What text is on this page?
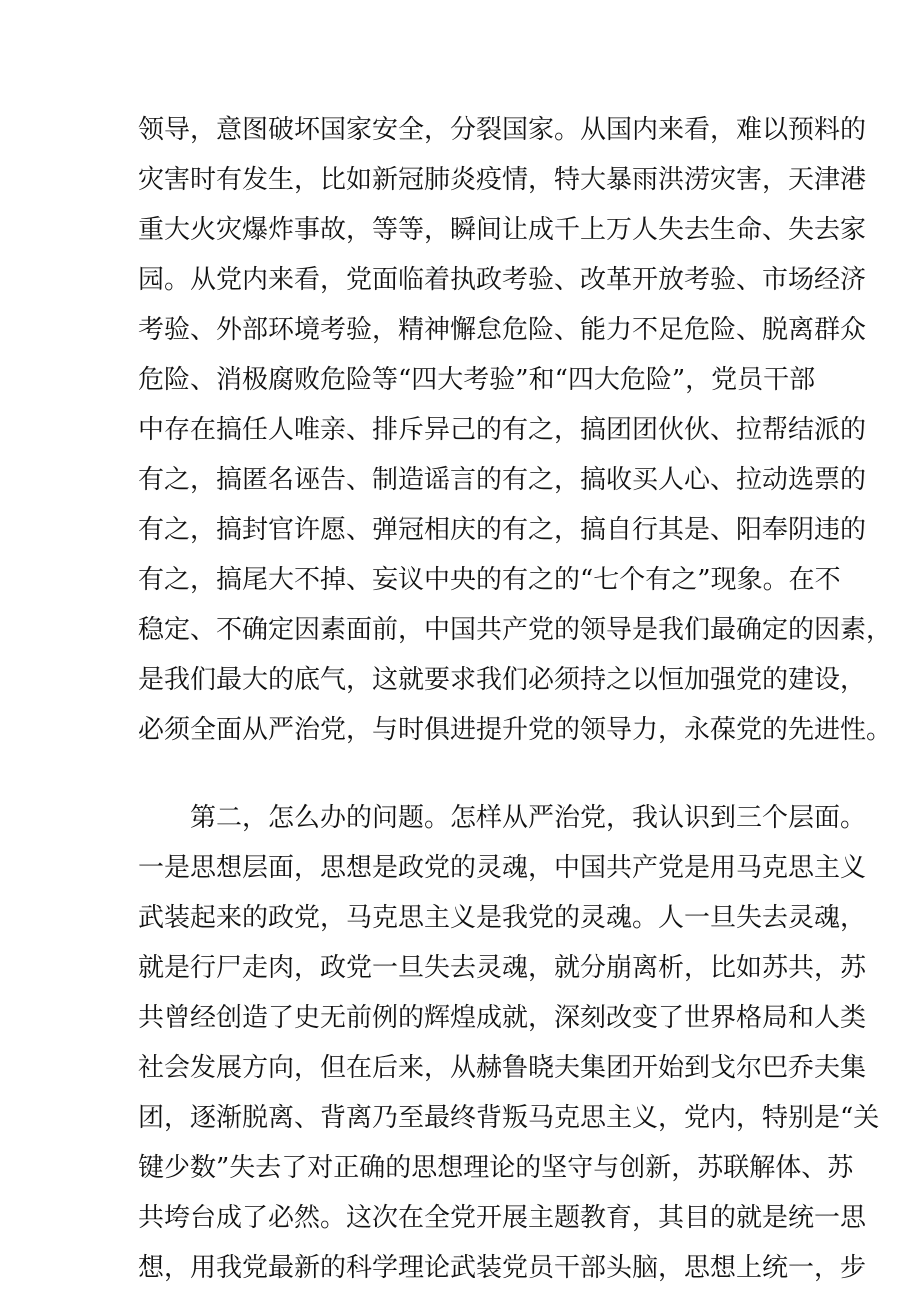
领导，意图破坏国家安全，分裂国家。从国内来看，难以预料的
灾害时有发生，比如新冠肺炎疫情，特大暴雨洪涝灾害，天津港
重大火灾爆炸事故，等等，瞬间让成千上万人失去生命、失去家
园。从党内来看，党面临着执政考验、改革开放考验、市场经济
考验、外部环境考验，精神懈怠危险、能力不足危险、脱离群众
危险、消极腐败危险等“四大考验”和“四大危险”，党员干部
中存在搞任人唯亲、排斥异己的有之，搞团团伙伙、拉帮结派的
有之，搞匿名诬告、制造谣言的有之，搞收买人心、拉动选票的
有之，搞封官许愿、弹冠相庆的有之，搞自行其是、阳奉阴违的
有之，搞尾大不掉、妄议中央的有之的“七个有之”现象。在不
稳定、不确定因素面前，中国共产党的领导是我们最确定的因素，
是我们最大的底气，这就要求我们必须持之以恒加强党的建设，
必须全面从严治党，与时俱进提升党的领导力，永葆党的先进性。
第二，怎么办的问题。怎样从严治党，我认识到三个层面。
一是思想层面，思想是政党的灵魂，中国共产党是用马克思主义
武装起来的政党，马克思主义是我党的灵魂。人一旦失去灵魂，
就是行尸走肉，政党一旦失去灵魂，就分崩离析，比如苏共，苏
共曾经创造了史无前例的辉煌成就，深刻改变了世界格局和人类
社会发展方向，但在后来，从赫鲁晓夫集团开始到戈尔巴乔夫集
团，逐渐脱离、背离乃至最终背叛马克思主义，党内，特别是“关
键少数”失去了对正确的思想理论的坚守与创新，苏联解体、苏
共垮台成了必然。这次在全党开展主题教育，其目的就是统一思
想，用我党最新的科学理论武装党员干部头脑，思想上统一，步
